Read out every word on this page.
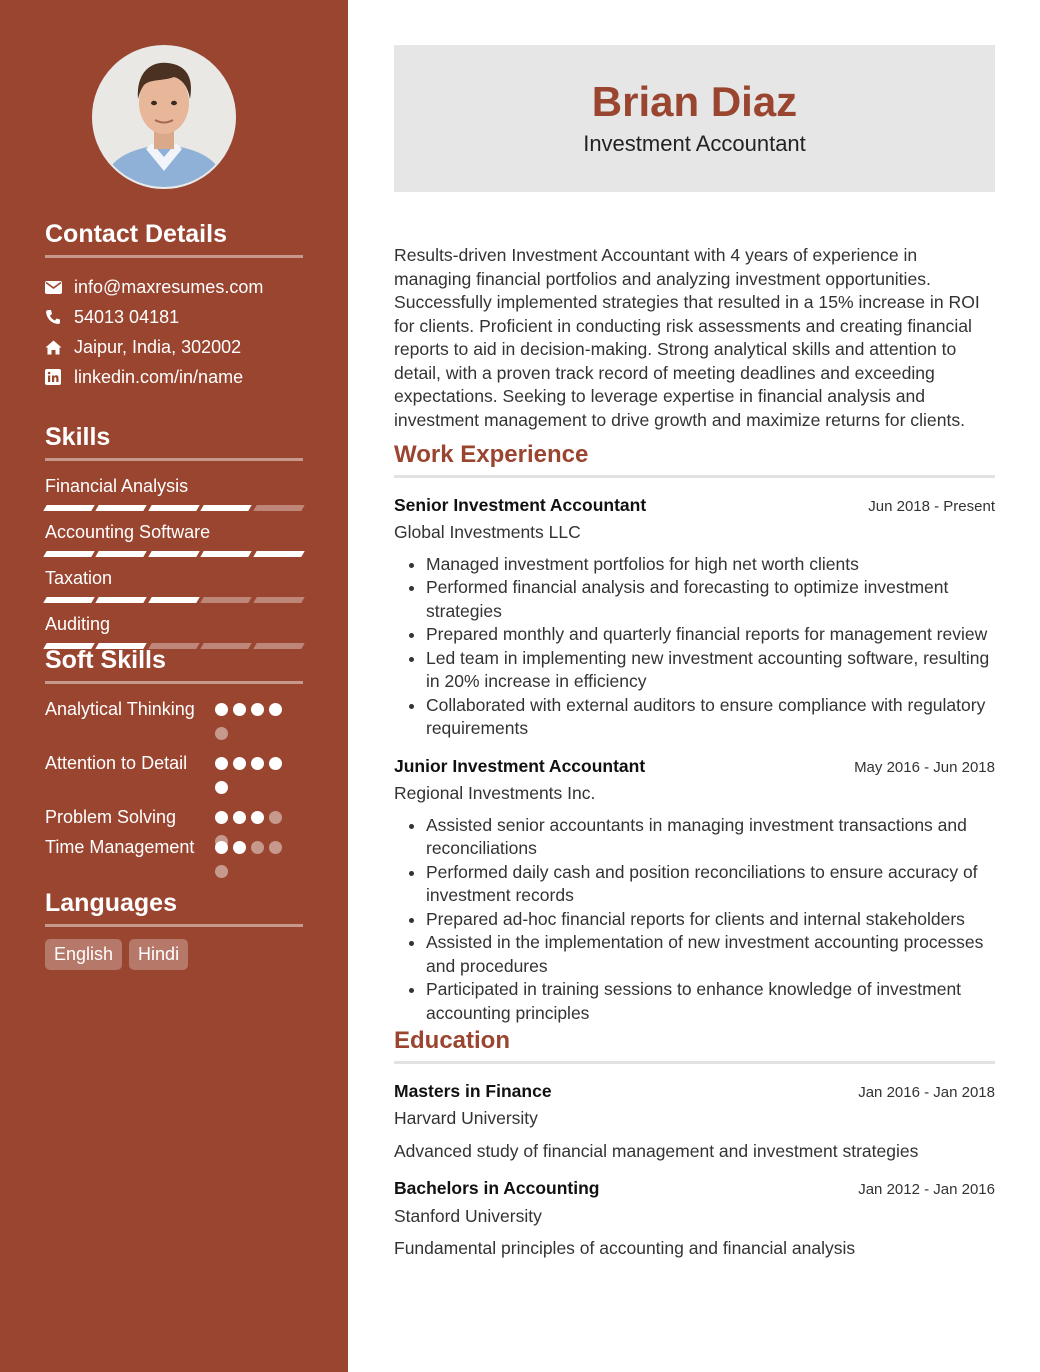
Contact Details
info@maxresumes.com
54013 04181
Jaipur, India, 302002
linkedin.com/in/name
Skills
Financial Analysis
Accounting Software
Taxation
Auditing
Soft Skills
Analytical Thinking
Attention to Detail
Problem Solving
Time Management
Languages
English	Hindi
Brian Diaz
Investment Accountant

Results-driven Investment Accountant with 4 years of experience in managing financial portfolios and analyzing investment opportunities. Successfully implemented strategies that resulted in a 15% increase in ROI for clients. Proficient in conducting risk assessments and creating financial reports to aid in decision-making. Strong analytical skills and attention to detail, with a proven track record of meeting deadlines and exceeding expectations. Seeking to leverage expertise in financial analysis and investment management to drive growth and maximize returns for clients.

Work Experience
Senior Investment Accountant	Jun 2018 - Present
Global Investments LLC
• Managed investment portfolios for high net worth clients
• Performed financial analysis and forecasting to optimize investment strategies
• Prepared monthly and quarterly financial reports for management review
• Led team in implementing new investment accounting software, resulting in 20% increase in efficiency
• Collaborated with external auditors to ensure compliance with regulatory requirements
Junior Investment Accountant	May 2016 - Jun 2018
Regional Investments Inc.
• Assisted senior accountants in managing investment transactions and reconciliations
• Performed daily cash and position reconciliations to ensure accuracy of investment records
• Prepared ad-hoc financial reports for clients and internal stakeholders
• Assisted in the implementation of new investment accounting processes and procedures
• Participated in training sessions to enhance knowledge of investment accounting principles
Education
Masters in Finance	Jan 2016 - Jan 2018
Harvard University
Advanced study of financial management and investment strategies
Bachelors in Accounting	Jan 2012 - Jan 2016
Stanford University
Fundamental principles of accounting and financial analysis
